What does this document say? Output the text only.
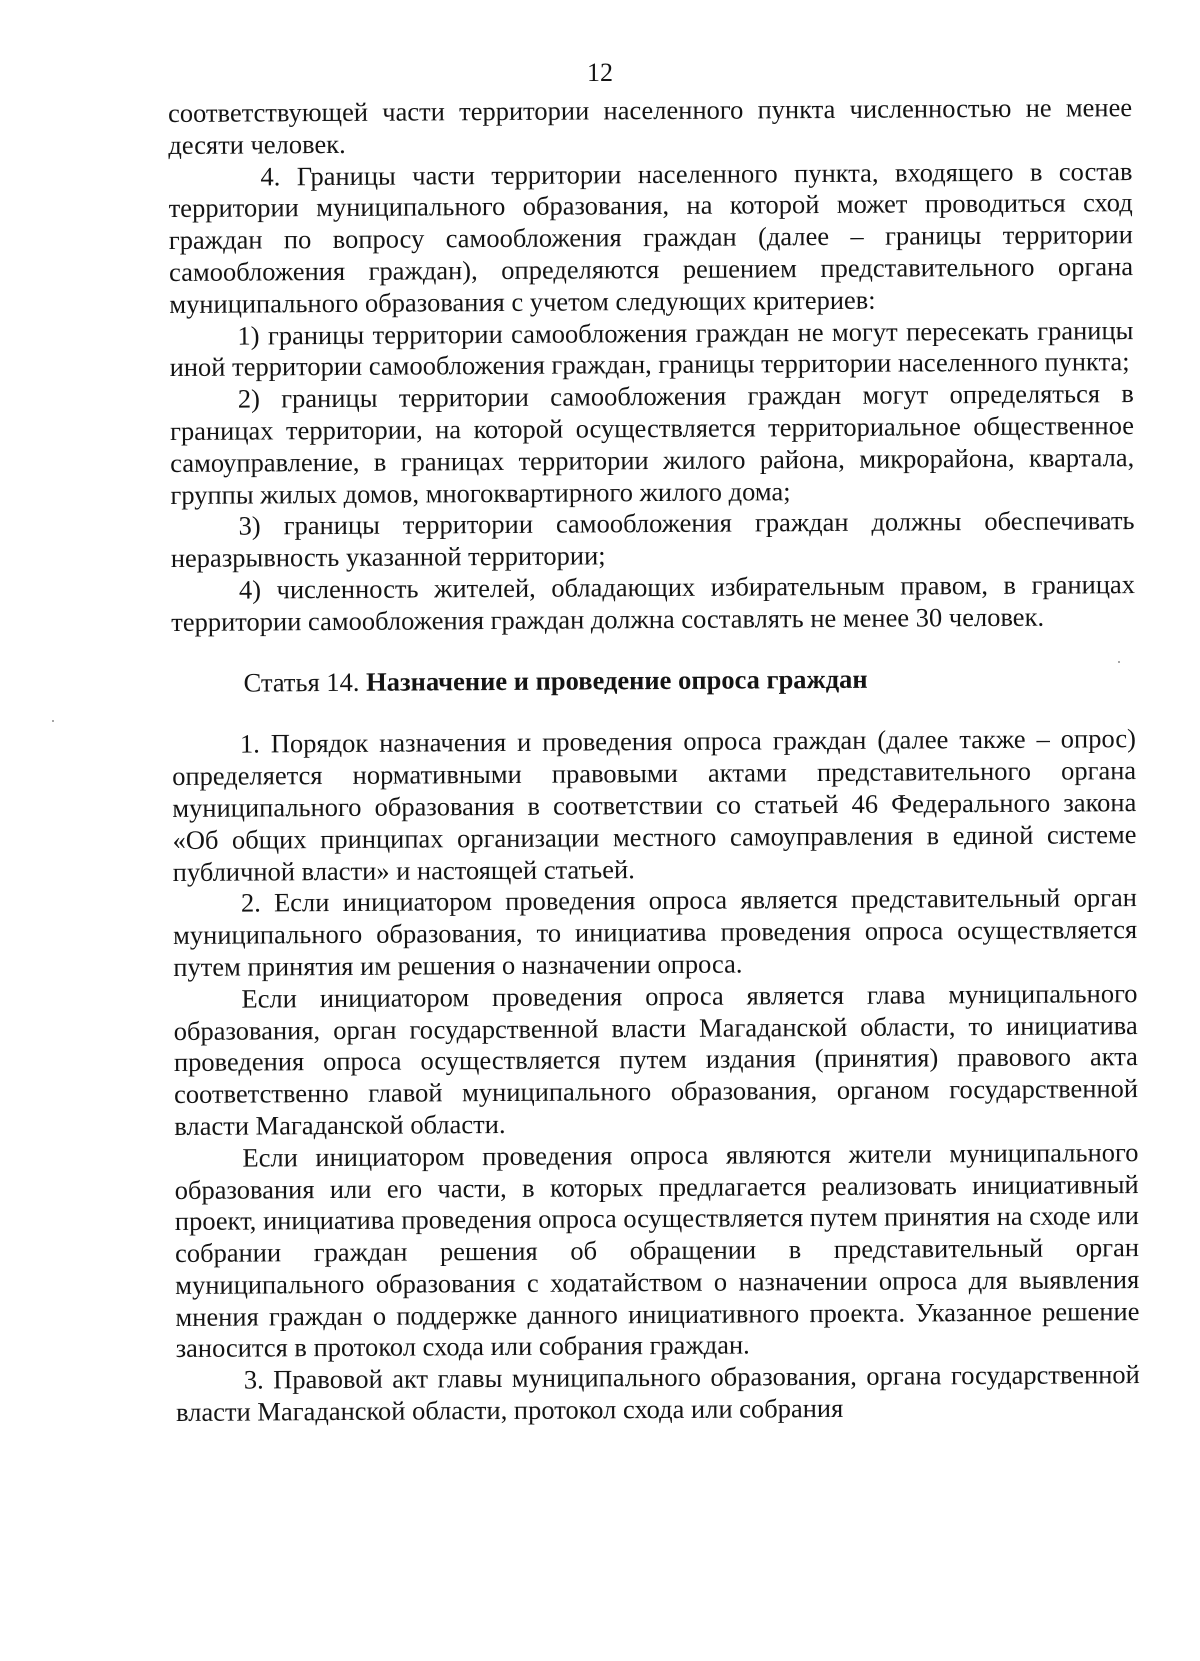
12

соответствующей части территории населенного пункта численностью не менее десяти человек.

4. Границы части территории населенного пункта, входящего в состав территории муниципального образования, на которой может проводиться сход граждан по вопросу самообложения граждан (далее – границы территории самообложения граждан), определяются решением представительного органа муниципального образования с учетом следующих критериев:

1) границы территории самообложения граждан не могут пересекать границы иной территории самообложения граждан, границы территории населенного пункта;

2) границы территории самообложения граждан могут определяться в границах территории, на которой осуществляется территориальное общественное самоуправление, в границах территории жилого района, микрорайона, квартала, группы жилых домов, многоквартирного жилого дома;

3) границы территории самообложения граждан должны обеспечивать неразрывность указанной территории;

4) численность жителей, обладающих избирательным правом, в границах территории самообложения граждан должна составлять не менее 30 человек.

Статья 14. Назначение и проведение опроса граждан

1. Порядок назначения и проведения опроса граждан (далее также – опрос) определяется нормативными правовыми актами представительного органа муниципального образования в соответствии со статьей 46 Федерального закона «Об общих принципах организации местного самоуправления в единой системе публичной власти» и настоящей статьей.

2. Если инициатором проведения опроса является представительный орган муниципального образования, то инициатива проведения опроса осуществляется путем принятия им решения о назначении опроса.

Если инициатором проведения опроса является глава муниципального образования, орган государственной власти Магаданской области, то инициатива проведения опроса осуществляется путем издания (принятия) правового акта соответственно главой муниципального образования, органом государственной власти Магаданской области.

Если инициатором проведения опроса являются жители муниципального образования или его части, в которых предлагается реализовать инициативный проект, инициатива проведения опроса осуществляется путем принятия на сходе или собрании граждан решения об обращении в представительный орган муниципального образования с ходатайством о назначении опроса для выявления мнения граждан о поддержке данного инициативного проекта. Указанное решение заносится в протокол схода или собрания граждан.

3. Правовой акт главы муниципального образования, органа государственной власти Магаданской области, протокол схода или собрания
